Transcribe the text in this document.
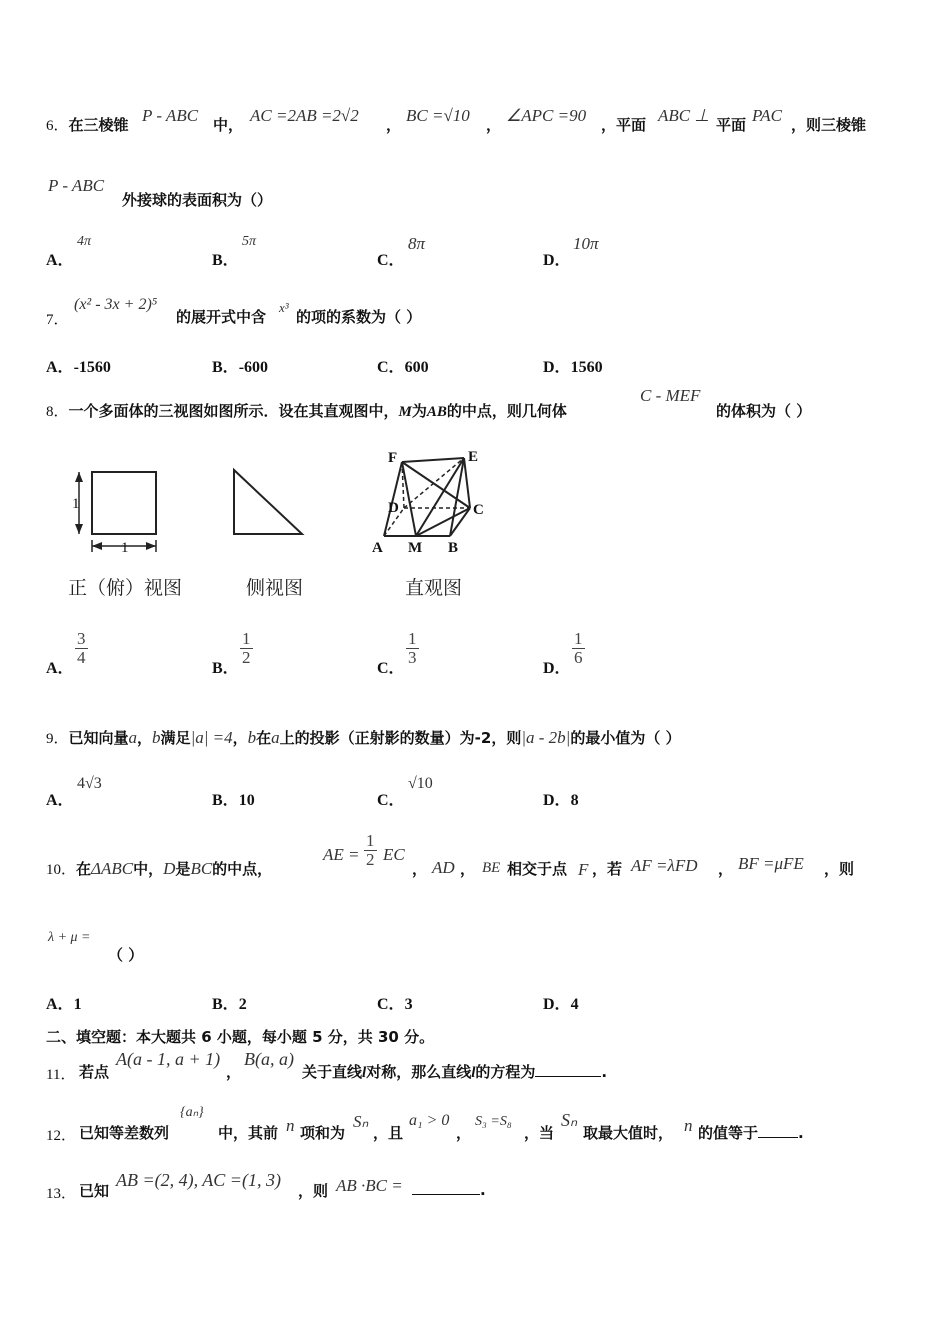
6．在三棱锥 P - ABC 中， AC =2AB =2√2 ， BC =√10 ， ∠APC =90 ，平面 ABC ⊥ 平面 PAC ，则三棱锥
P - ABC
外接球的表面积为（）
A．
4π
B．
5π
C．
8π
D．
10π
7．
(x² - 3x + 2)⁵
的展开式中含
x³
的项的系数为（ ）
A．-1560	B．-600	C．600	D．1560
8．一个多面体的三视图如图所示．设在其直观图中，M为AB的中点，则几何体
C - MEF
的体积为（ ）
1
1
正（俯）视图	侧视图
F	E
D	C
A M B
直观图
A．
$\frac{3}{4}$
B．
$\frac{1}{2}$
C．
$\frac{1}{3}$
D．
$\frac{1}{6}$
9．已知向量a，b满足|a| =4，b在a上的投影（正射影的数量）为-2，则|a - 2b|的最小值为（ ）
A．
4√3
B．10	C．
√10
D．8
10．在ΔABC中，D是BC的中点，
AE = $\frac{1}{2}$ EC
， AD ， BE 相交于点 F ，若 AF =λFD ， BF =μFE ，则
λ + μ =
（ ）
A．1	B．2	C．3	D．4
二、填空题：本大题共 6 小题，每小题 5 分，共 30 分。
11． 若点
A(a - 1, a + 1)
，
B(a, a)
关于直线l对称，那么直线l的方程为	.
12． 已知等差数列
{aₙ}
中，其前 n 项和为
Sₙ
，且
a₁ > 0
，
S₃ =S₈
，当
Sₙ
取最大值时， n 的值等于	.
13． 已知
AB =(2, 4), AC =(1, 3)
，则 AB ·BC =	.
